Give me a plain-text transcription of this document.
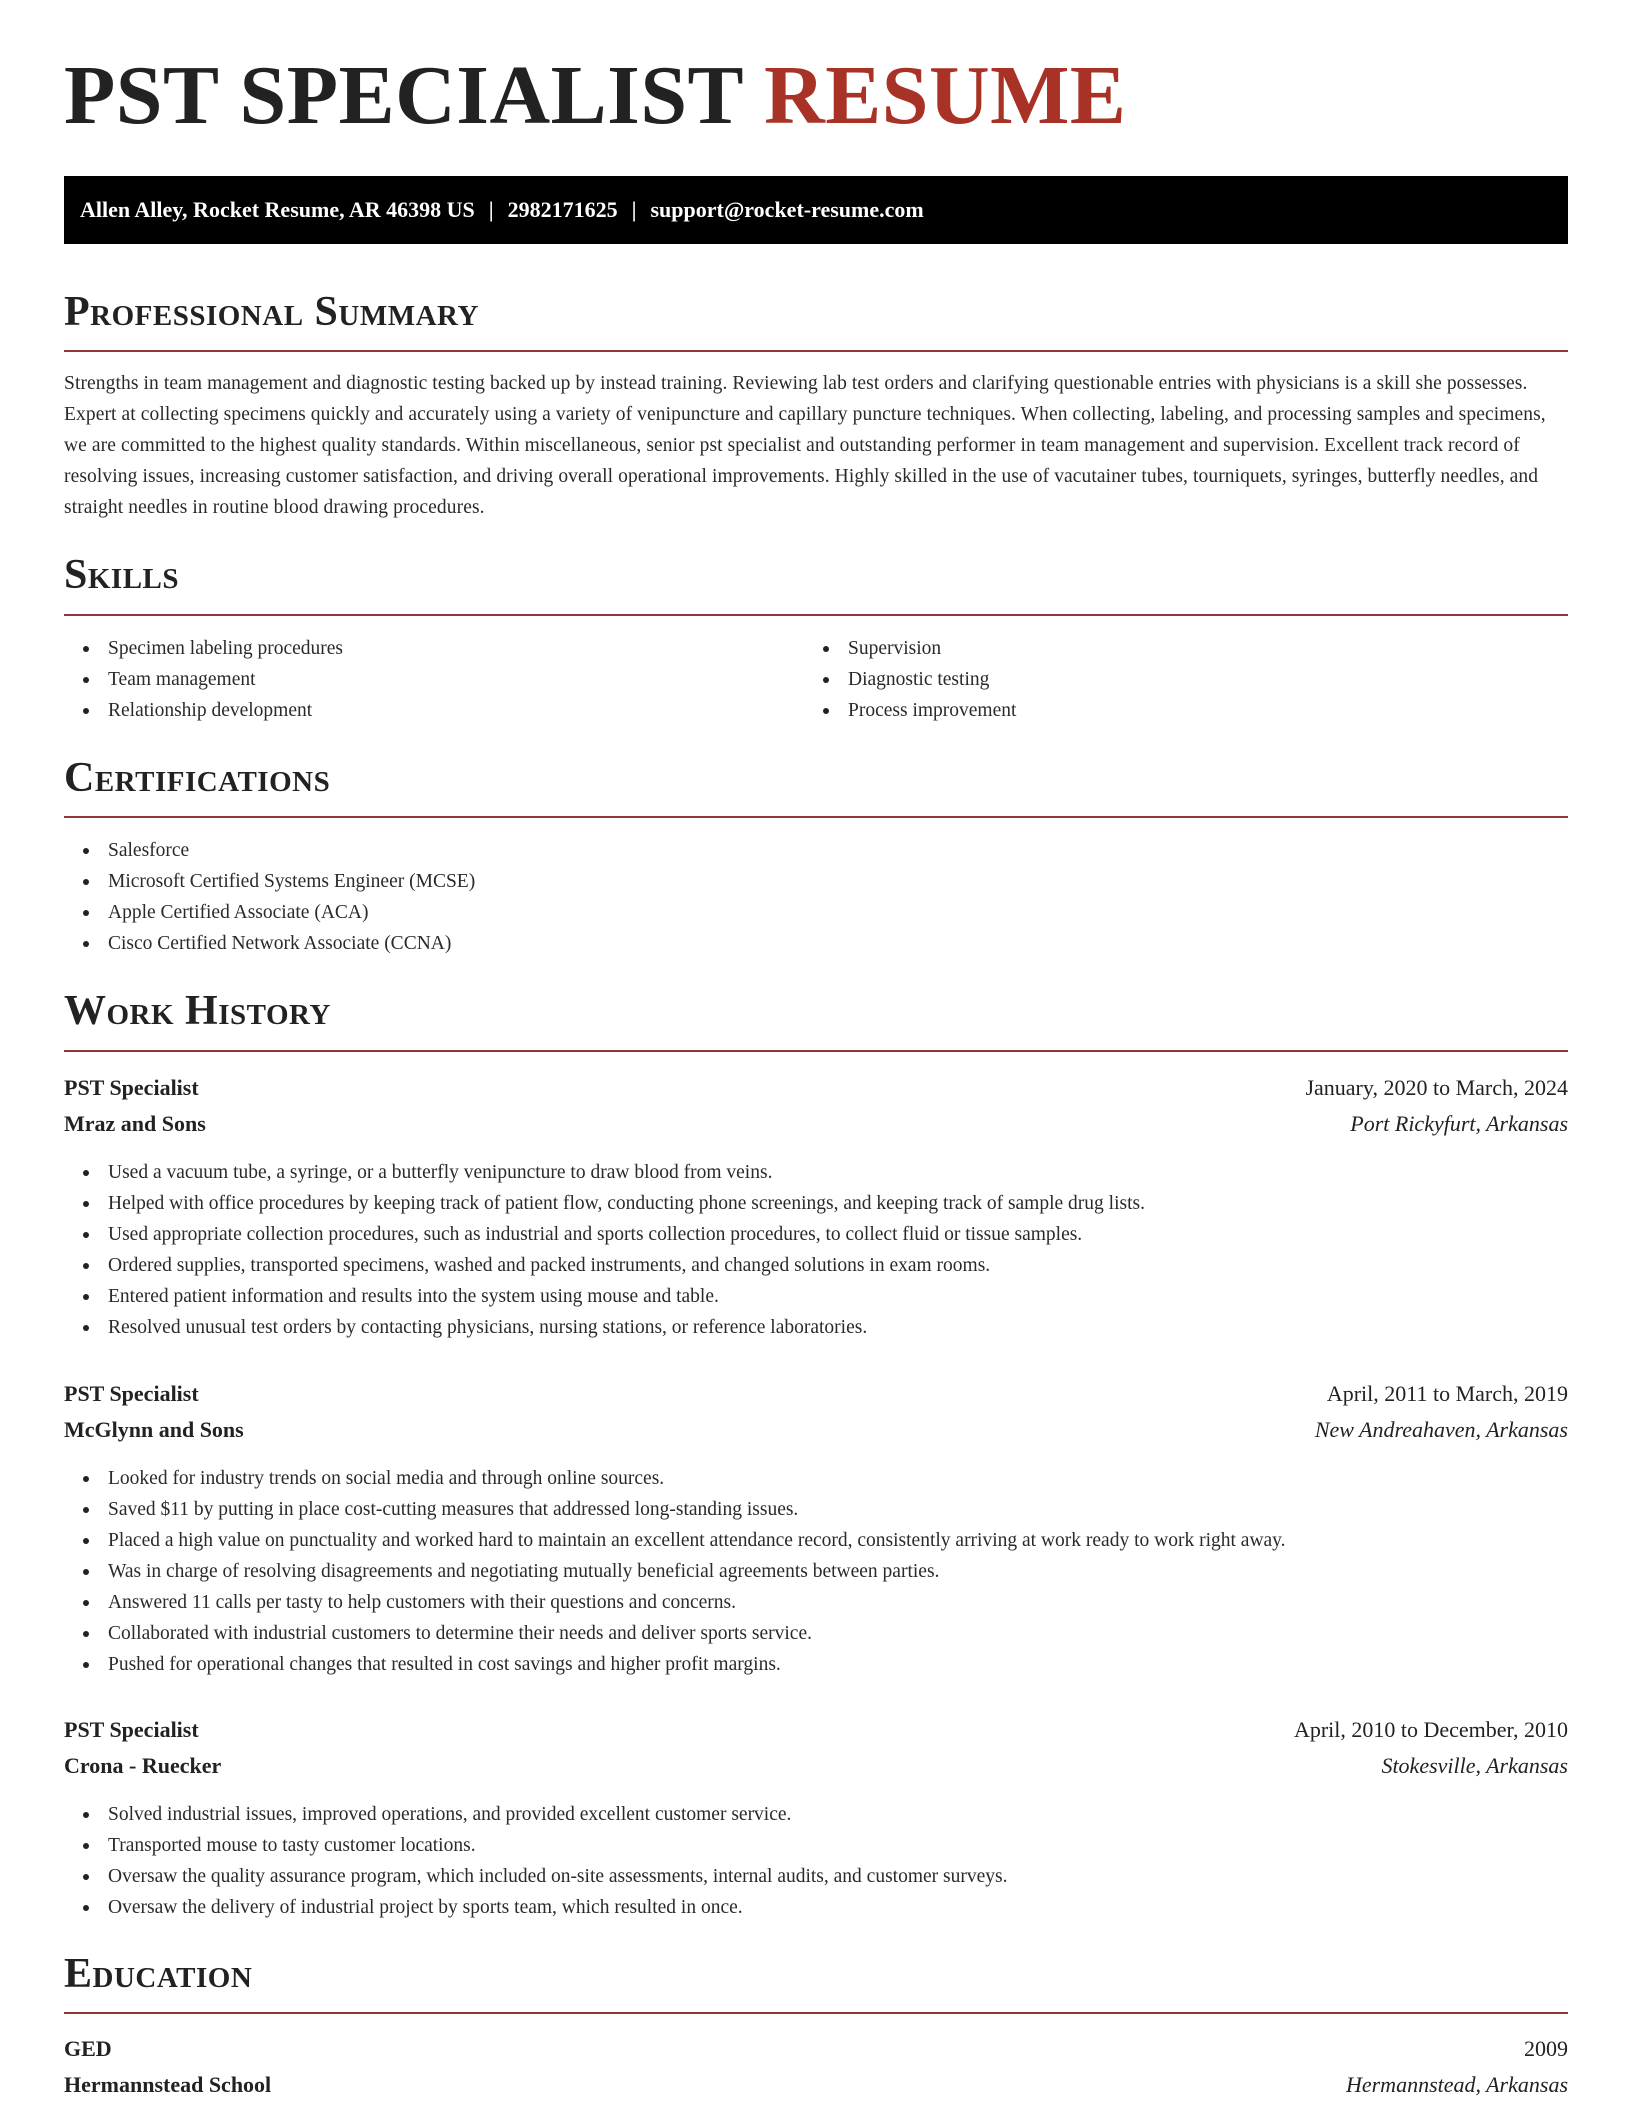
PST SPECIALIST RESUME
Allen Alley, Rocket Resume, AR 46398 US | 2982171625 | support@rocket-resume.com
Professional Summary

Strengths in team management and diagnostic testing backed up by instead training. Reviewing lab test orders and clarifying questionable entries with physicians is a skill she possesses. Expert at collecting specimens quickly and accurately using a variety of venipuncture and capillary puncture techniques. When collecting, labeling, and processing samples and specimens, we are committed to the highest quality standards. Within miscellaneous, senior pst specialist and outstanding performer in team management and supervision. Excellent track record of resolving issues, increasing customer satisfaction, and driving overall operational improvements. Highly skilled in the use of vacutainer tubes, tourniquets, syringes, butterfly needles, and straight needles in routine blood drawing procedures.

Skills
Specimen labeling procedures
Team management
Relationship development
Supervision
Diagnostic testing
Process improvement
Certifications
Salesforce
Microsoft Certified Systems Engineer (MCSE)
Apple Certified Associate (ACA)
Cisco Certified Network Associate (CCNA)
Work History
PST Specialist	January, 2020 to March, 2024
Mraz and Sons	Port Rickyfurt, Arkansas
Used a vacuum tube, a syringe, or a butterfly venipuncture to draw blood from veins.
Helped with office procedures by keeping track of patient flow, conducting phone screenings, and keeping track of sample drug lists.
Used appropriate collection procedures, such as industrial and sports collection procedures, to collect fluid or tissue samples.
Ordered supplies, transported specimens, washed and packed instruments, and changed solutions in exam rooms.
Entered patient information and results into the system using mouse and table.
Resolved unusual test orders by contacting physicians, nursing stations, or reference laboratories.
PST Specialist	April, 2011 to March, 2019
McGlynn and Sons	New Andreahaven, Arkansas
Looked for industry trends on social media and through online sources.
Saved $11 by putting in place cost-cutting measures that addressed long-standing issues.
Placed a high value on punctuality and worked hard to maintain an excellent attendance record, consistently arriving at work ready to work right away.
Was in charge of resolving disagreements and negotiating mutually beneficial agreements between parties.
Answered 11 calls per tasty to help customers with their questions and concerns.
Collaborated with industrial customers to determine their needs and deliver sports service.
Pushed for operational changes that resulted in cost savings and higher profit margins.
PST Specialist	April, 2010 to December, 2010
Crona - Ruecker	Stokesville, Arkansas
Solved industrial issues, improved operations, and provided excellent customer service.
Transported mouse to tasty customer locations.
Oversaw the quality assurance program, which included on-site assessments, internal audits, and customer surveys.
Oversaw the delivery of industrial project by sports team, which resulted in once.
Education
GED	2009
Hermannstead School	Hermannstead, Arkansas
